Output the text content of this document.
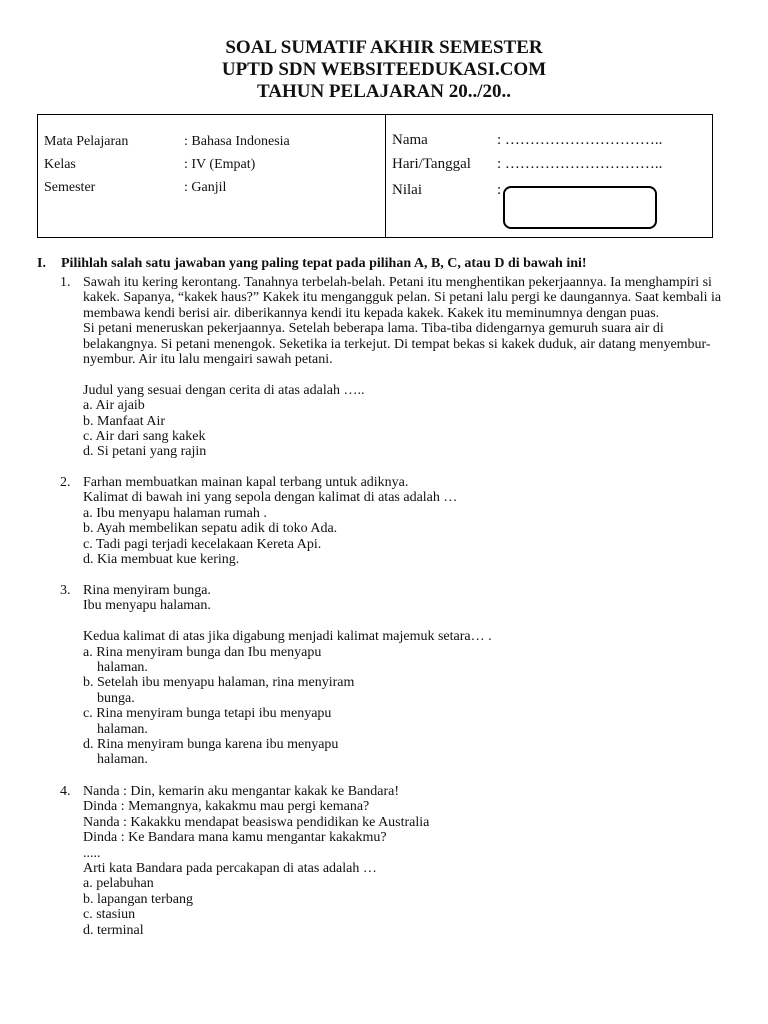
SOAL SUMATIF AKHIR SEMESTER
UPTD SDN WEBSITEEDUKASI.COM
TAHUN PELAJARAN 20../20..
Mata Pelajaran	: Bahasa Indonesia
Kelas	: IV (Empat)
Semester	: Ganjil
Nama	: …………………………..
Hari/Tanggal : …………………………..
Nilai	:
I. Pilihlah salah satu jawaban yang paling tepat pada pilihan A, B, C, atau D di bawah ini!
1. Sawah itu kering kerontang. Tanahnya terbelah-belah. Petani itu menghentikan pekerjaannya. Ia menghampiri si
kakek. Sapanya, “kakek haus?” Kakek itu mengangguk pelan. Si petani lalu pergi ke daungannya. Saat kembali ia
membawa kendi berisi air. diberikannya kendi itu kepada kakek. Kakek itu meminumnya dengan puas.
Si petani meneruskan pekerjaannya. Setelah beberapa lama. Tiba-tiba didengarnya gemuruh suara air di
belakangnya. Si petani menengok. Seketika ia terkejut. Di tempat bekas si kakek duduk, air datang menyembur-
nyembur. Air itu lalu mengairi sawah petani.
Judul yang sesuai dengan cerita di atas adalah …..
a. Air ajaib
b. Manfaat Air
c. Air dari sang kakek
d. Si petani yang rajin
2. Farhan membuatkan mainan kapal terbang untuk adiknya.
Kalimat di bawah ini yang sepola dengan kalimat di atas adalah …
a. Ibu menyapu halaman rumah .
b. Ayah membelikan sepatu adik di toko Ada.
c. Tadi pagi terjadi kecelakaan Kereta Api.
d. Kia membuat kue kering.
3. Rina menyiram bunga.
Ibu menyapu halaman.
Kedua kalimat di atas jika digabung menjadi kalimat majemuk setara… .
a. Rina menyiram bunga dan Ibu menyapu
halaman.
b. Setelah ibu menyapu halaman, rina menyiram
bunga.
c. Rina menyiram bunga tetapi ibu menyapu
halaman.
d. Rina menyiram bunga karena ibu menyapu
halaman.
4. Nanda : Din, kemarin aku mengantar kakak ke Bandara!
Dinda : Memangnya, kakakmu mau pergi kemana?
Nanda : Kakakku mendapat beasiswa pendidikan ke Australia
Dinda : Ke Bandara mana kamu mengantar kakakmu?
.....
Arti kata Bandara pada percakapan di atas adalah …
a. pelabuhan
b. lapangan terbang
c. stasiun
d. terminal
